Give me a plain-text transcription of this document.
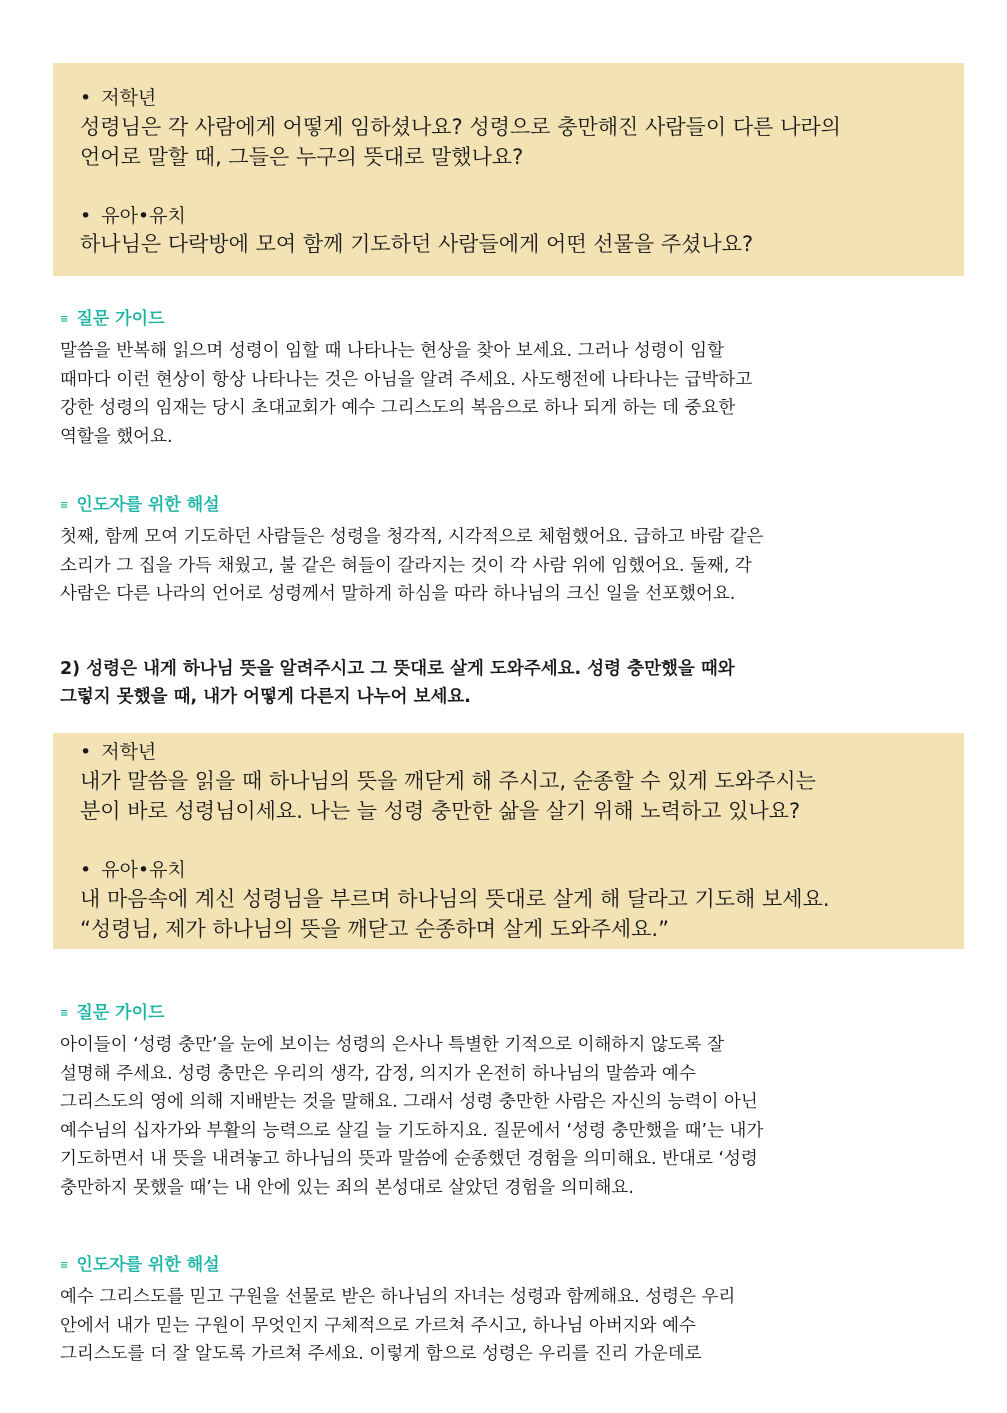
• 저학년
성령님은 각 사람에게 어떻게 임하셨나요? 성령으로 충만해진 사람들이 다른 나라의
언어로 말할 때, 그들은 누구의 뜻대로 말했나요?
• 유아•유치
하나님은 다락방에 모여 함께 기도하던 사람들에게 어떤 선물을 주셨나요?
≡ 질문 가이드
말씀을 반복해 읽으며 성령이 임할 때 나타나는 현상을 찾아 보세요. 그러나 성령이 임할
때마다 이런 현상이 항상 나타나는 것은 아님을 알려 주세요. 사도행전에 나타나는 급박하고
강한 성령의 임재는 당시 초대교회가 예수 그리스도의 복음으로 하나 되게 하는 데 중요한
역할을 했어요.
≡ 인도자를 위한 해설
첫째, 함께 모여 기도하던 사람들은 성령을 청각적, 시각적으로 체험했어요. 급하고 바람 같은
소리가 그 집을 가득 채웠고, 불 같은 혀들이 갈라지는 것이 각 사람 위에 임했어요. 둘째, 각
사람은 다른 나라의 언어로 성령께서 말하게 하심을 따라 하나님의 크신 일을 선포했어요.
2) 성령은 내게 하나님 뜻을 알려주시고 그 뜻대로 살게 도와주세요. 성령 충만했을 때와
그렇지 못했을 때, 내가 어떻게 다른지 나누어 보세요.
• 저학년
내가 말씀을 읽을 때 하나님의 뜻을 깨닫게 해 주시고, 순종할 수 있게 도와주시는
분이 바로 성령님이세요. 나는 늘 성령 충만한 삶을 살기 위해 노력하고 있나요?
• 유아•유치
내 마음속에 계신 성령님을 부르며 하나님의 뜻대로 살게 해 달라고 기도해 보세요.
“성령님, 제가 하나님의 뜻을 깨닫고 순종하며 살게 도와주세요.”
≡ 질문 가이드
아이들이 ‘성령 충만’을 눈에 보이는 성령의 은사나 특별한 기적으로 이해하지 않도록 잘
설명해 주세요. 성령 충만은 우리의 생각, 감정, 의지가 온전히 하나님의 말씀과 예수
그리스도의 영에 의해 지배받는 것을 말해요. 그래서 성령 충만한 사람은 자신의 능력이 아닌
예수님의 십자가와 부활의 능력으로 살길 늘 기도하지요. 질문에서 ‘성령 충만했을 때’는 내가
기도하면서 내 뜻을 내려놓고 하나님의 뜻과 말씀에 순종했던 경험을 의미해요. 반대로 ‘성령
충만하지 못했을 때’는 내 안에 있는 죄의 본성대로 살았던 경험을 의미해요.
≡ 인도자를 위한 해설
예수 그리스도를 믿고 구원을 선물로 받은 하나님의 자녀는 성령과 함께해요. 성령은 우리
안에서 내가 믿는 구원이 무엇인지 구체적으로 가르쳐 주시고, 하나님 아버지와 예수
그리스도를 더 잘 알도록 가르쳐 주세요. 이렇게 함으로 성령은 우리를 진리 가운데로
